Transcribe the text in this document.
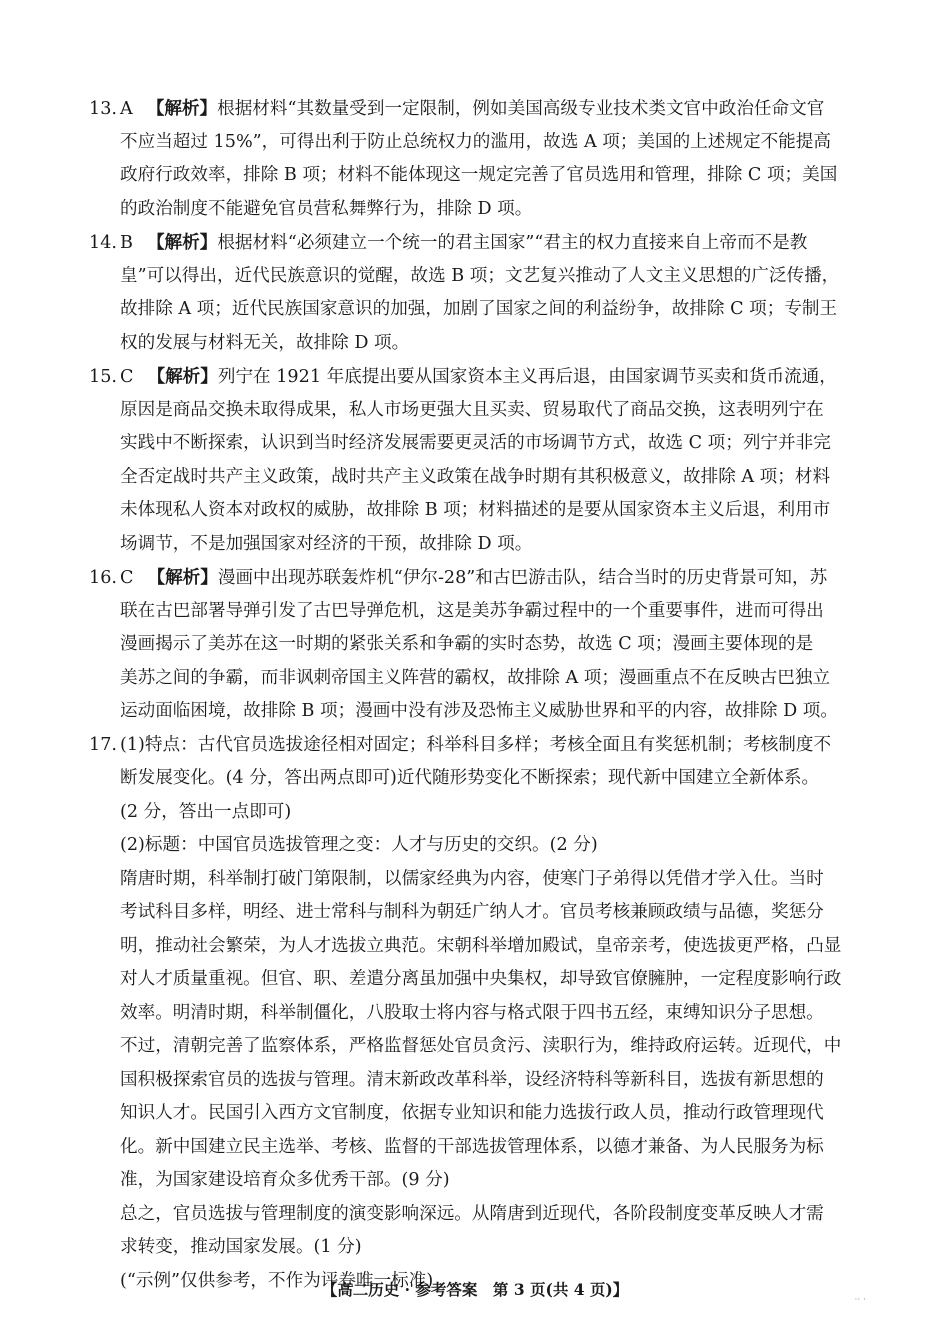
13. A 【解析】根据材料“其数量受到一定限制，例如美国高级专业技术类文官中政治任命文官
不应当超过 15%”，可得出利于防止总统权力的滥用，故选 A 项；美国的上述规定不能提高
政府行政效率，排除 B 项；材料不能体现这一规定完善了官员选用和管理，排除 C 项；美国
的政治制度不能避免官员营私舞弊行为，排除 D 项。
14. B 【解析】根据材料“必须建立一个统一的君主国家”“君主的权力直接来自上帝而不是教
皇”可以得出，近代民族意识的觉醒，故选 B 项；文艺复兴推动了人文主义思想的广泛传播，
故排除 A 项；近代民族国家意识的加强，加剧了国家之间的利益纷争，故排除 C 项；专制王
权的发展与材料无关，故排除 D 项。
15. C 【解析】列宁在 1921 年底提出要从国家资本主义再后退，由国家调节买卖和货币流通，
原因是商品交换未取得成果，私人市场更强大且买卖、贸易取代了商品交换，这表明列宁在
实践中不断探索，认识到当时经济发展需要更灵活的市场调节方式，故选 C 项；列宁并非完
全否定战时共产主义政策，战时共产主义政策在战争时期有其积极意义，故排除 A 项；材料
未体现私人资本对政权的威胁，故排除 B 项；材料描述的是要从国家资本主义后退，利用市
场调节，不是加强国家对经济的干预，故排除 D 项。
16. C 【解析】漫画中出现苏联轰炸机“伊尔-28”和古巴游击队，结合当时的历史背景可知，苏
联在古巴部署导弹引发了古巴导弹危机，这是美苏争霸过程中的一个重要事件，进而可得出
漫画揭示了美苏在这一时期的紧张关系和争霸的实时态势，故选 C 项；漫画主要体现的是
美苏之间的争霸，而非讽刺帝国主义阵营的霸权，故排除 A 项；漫画重点不在反映古巴独立
运动面临困境，故排除 B 项；漫画中没有涉及恐怖主义威胁世界和平的内容，故排除 D 项。
17. (1)特点：古代官员选拔途径相对固定；科举科目多样；考核全面且有奖惩机制；考核制度不
断发展变化。(4 分，答出两点即可)近代随形势变化不断探索；现代新中国建立全新体系。
(2 分，答出一点即可)
(2)标题：中国官员选拔管理之变：人才与历史的交织。(2 分)
隋唐时期，科举制打破门第限制，以儒家经典为内容，使寒门子弟得以凭借才学入仕。当时
考试科目多样，明经、进士常科与制科为朝廷广纳人才。官员考核兼顾政绩与品德，奖惩分
明，推动社会繁荣，为人才选拔立典范。宋朝科举增加殿试，皇帝亲考，使选拔更严格，凸显
对人才质量重视。但官、职、差遣分离虽加强中央集权，却导致官僚臃肿，一定程度影响行政
效率。明清时期，科举制僵化，八股取士将内容与格式限于四书五经，束缚知识分子思想。
不过，清朝完善了监察体系，严格监督惩处官员贪污、渎职行为，维持政府运转。近现代，中
国积极探索官员的选拔与管理。清末新政改革科举，设经济特科等新科目，选拔有新思想的
知识人才。民国引入西方文官制度，依据专业知识和能力选拔行政人员，推动行政管理现代
化。新中国建立民主选举、考核、监督的干部选拔管理体系，以德才兼备、为人民服务为标
准，为国家建设培育众多优秀干部。(9 分)
总之，官员选拔与管理制度的演变影响深远。从隋唐到近现代，各阶段制度变革反映人才需
求转变，推动国家发展。(1 分)
(“示例”仅供参考，不作为评卷唯一标准)
【高二历史 · 参考答案　第 3 页(共 4 页)】
·· ·
